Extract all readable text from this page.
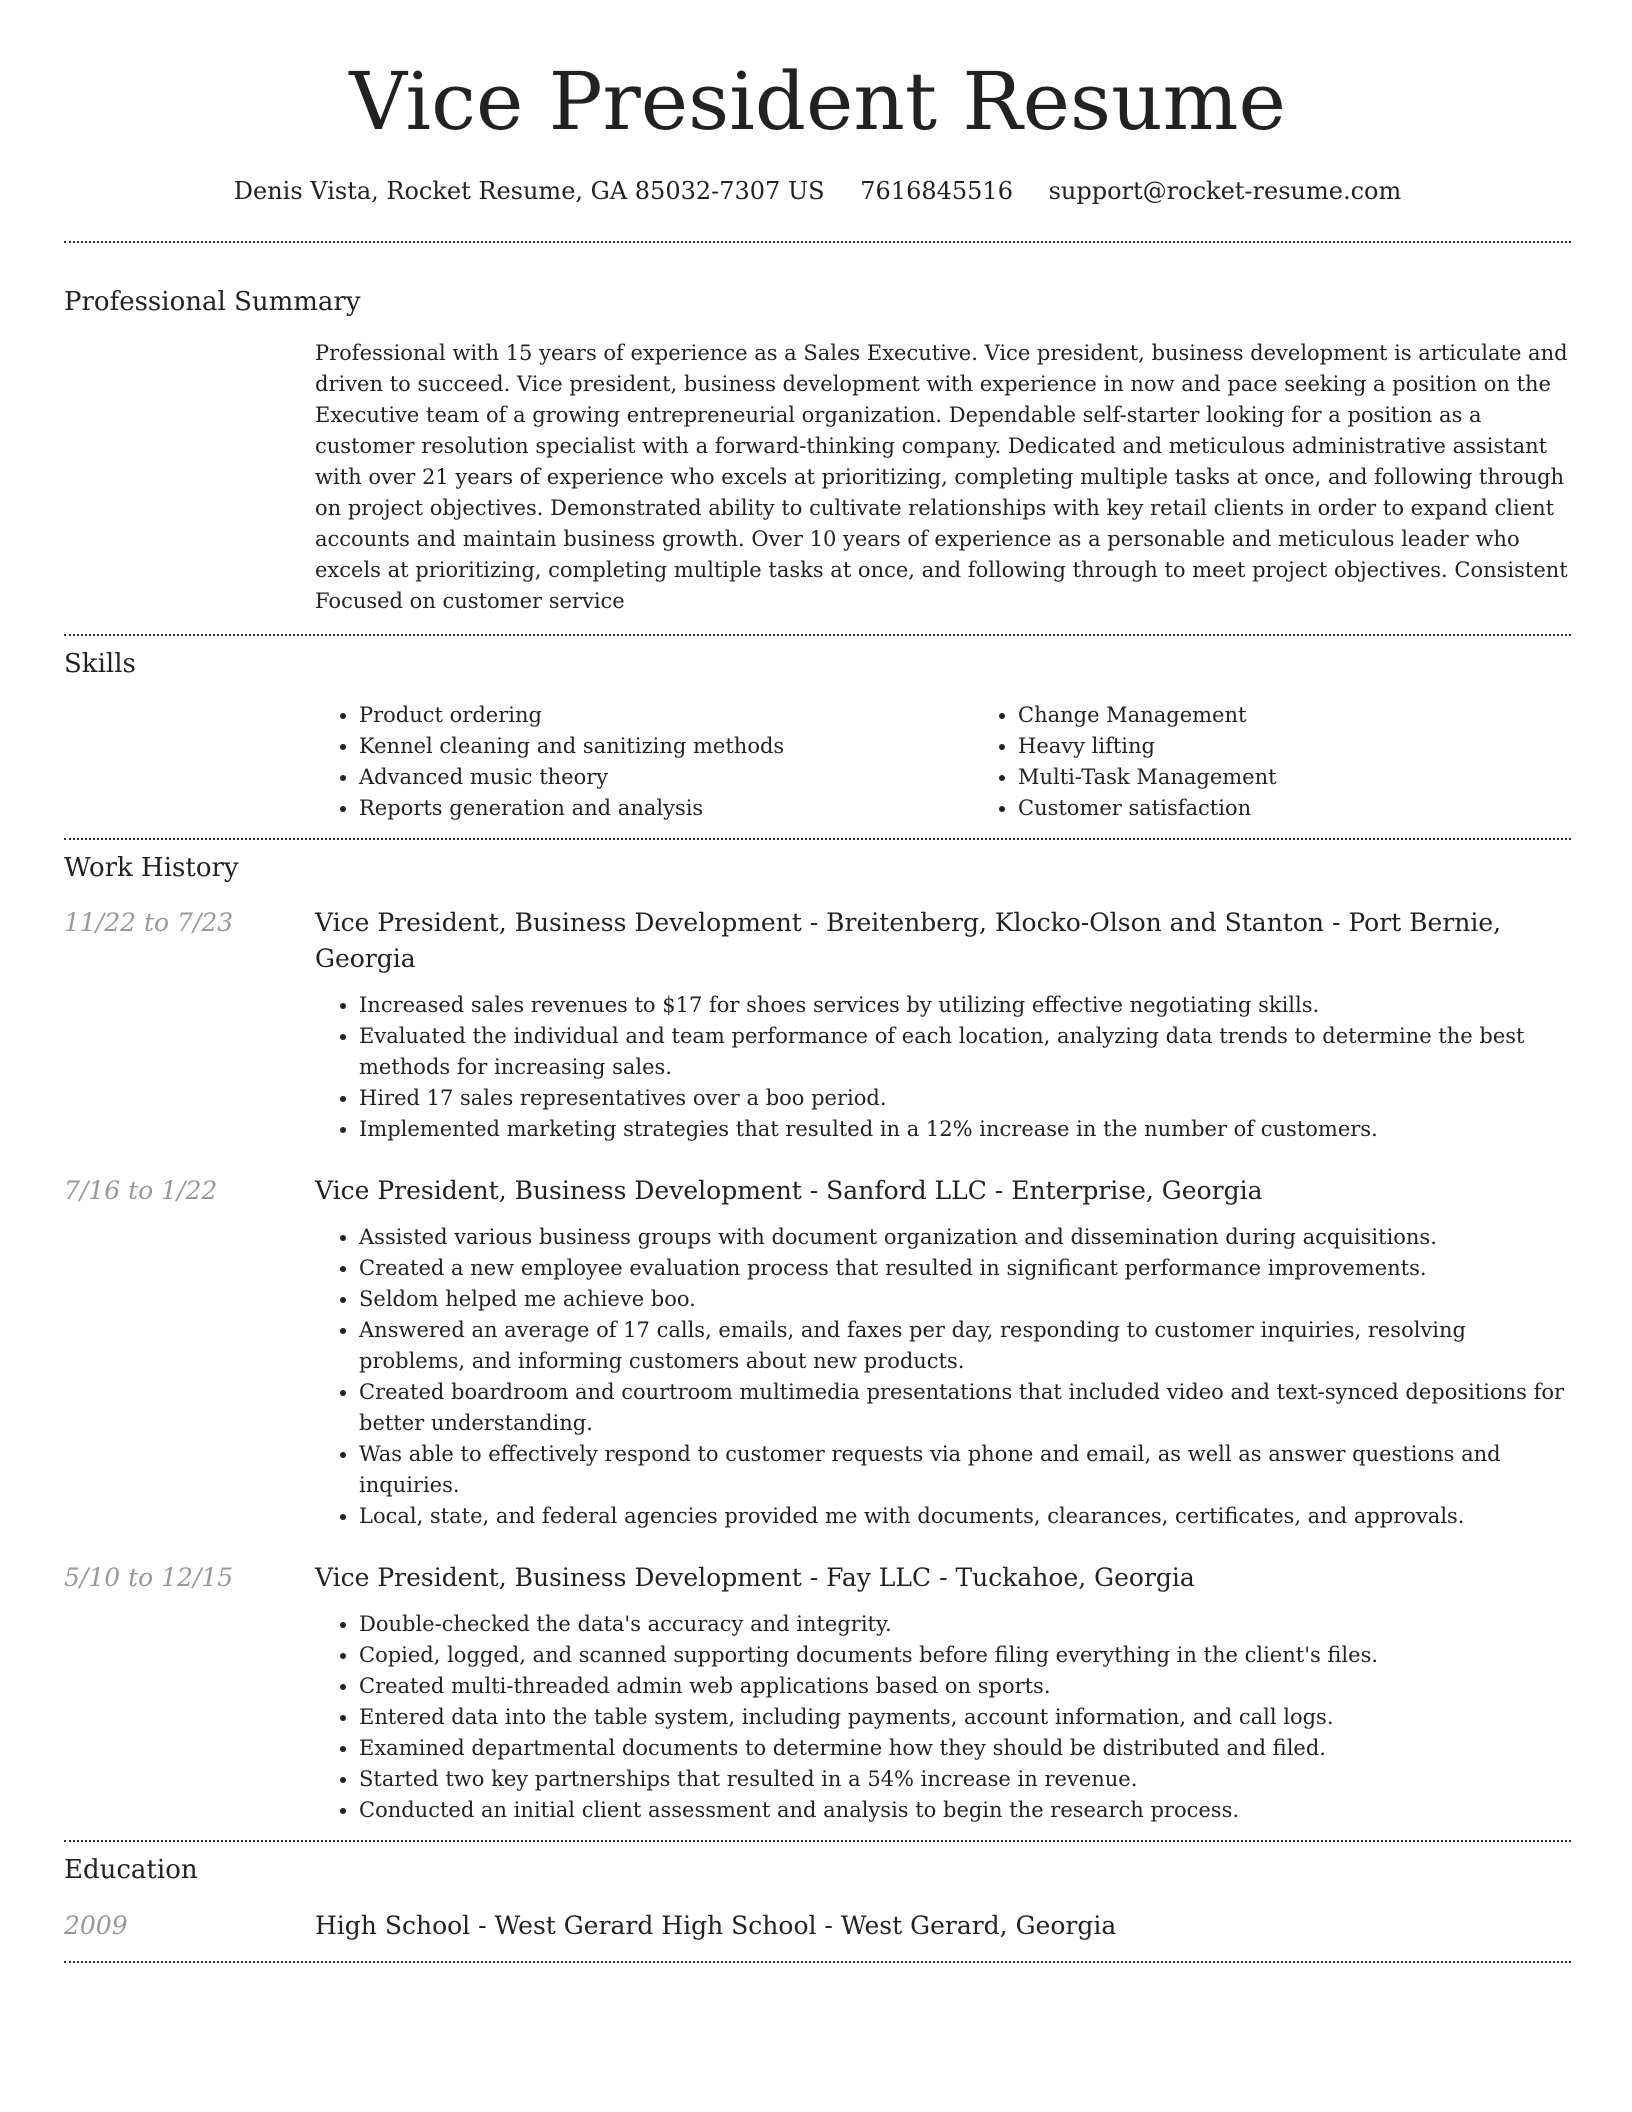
Vice President Resume
Denis Vista, Rocket Resume, GA 85032-7307 US 7616845516 support@rocket-resume.com
Professional Summary
Professional with 15 years of experience as a Sales Executive. Vice president, business development is articulate and driven to succeed. Vice president, business development with experience in now and pace seeking a position on the Executive team of a growing entrepreneurial organization. Dependable self-starter looking for a position as a customer resolution specialist with a forward-thinking company. Dedicated and meticulous administrative assistant with over 21 years of experience who excels at prioritizing, completing multiple tasks at once, and following through on project objectives. Demonstrated ability to cultivate relationships with key retail clients in order to expand client accounts and maintain business growth. Over 10 years of experience as a personable and meticulous leader who excels at prioritizing, completing multiple tasks at once, and following through to meet project objectives. Consistent Focused on customer service
Skills
• Product ordering
• Kennel cleaning and sanitizing methods
• Advanced music theory
• Reports generation and analysis
• Change Management
• Heavy lifting
• Multi-Task Management
• Customer satisfaction
Work History
11/22 to 7/23	Vice President, Business Development - Breitenberg, Klocko-Olson and Stanton - Port Bernie, Georgia
• Increased sales revenues to $17 for shoes services by utilizing effective negotiating skills.
• Evaluated the individual and team performance of each location, analyzing data trends to determine the best methods for increasing sales.
• Hired 17 sales representatives over a boo period.
• Implemented marketing strategies that resulted in a 12% increase in the number of customers.
7/16 to 1/22	Vice President, Business Development - Sanford LLC - Enterprise, Georgia
• Assisted various business groups with document organization and dissemination during acquisitions.
• Created a new employee evaluation process that resulted in significant performance improvements.
• Seldom helped me achieve boo.
• Answered an average of 17 calls, emails, and faxes per day, responding to customer inquiries, resolving problems, and informing customers about new products.
• Created boardroom and courtroom multimedia presentations that included video and text-synced depositions for better understanding.
• Was able to effectively respond to customer requests via phone and email, as well as answer questions and inquiries.
• Local, state, and federal agencies provided me with documents, clearances, certificates, and approvals.
5/10 to 12/15	Vice President, Business Development - Fay LLC - Tuckahoe, Georgia
• Double-checked the data's accuracy and integrity.
• Copied, logged, and scanned supporting documents before filing everything in the client's files.
• Created multi-threaded admin web applications based on sports.
• Entered data into the table system, including payments, account information, and call logs.
• Examined departmental documents to determine how they should be distributed and filed.
• Started two key partnerships that resulted in a 54% increase in revenue.
• Conducted an initial client assessment and analysis to begin the research process.
Education
2009	High School - West Gerard High School - West Gerard, Georgia
